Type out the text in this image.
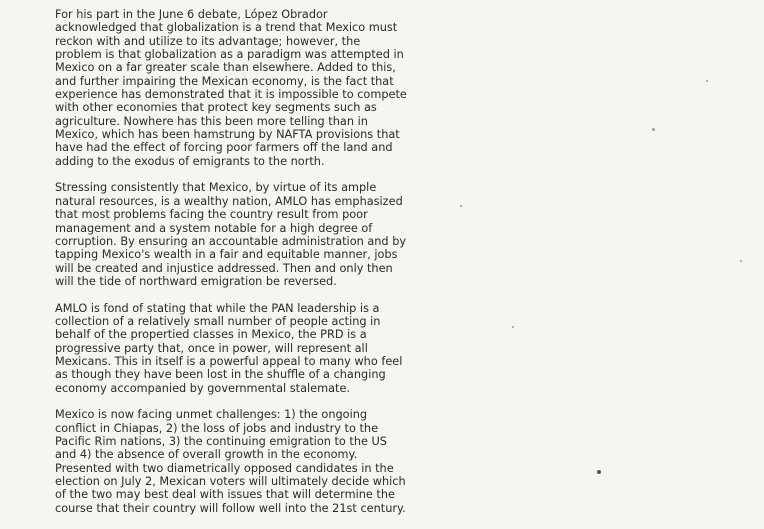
For his part in the June 6 debate, López Obrador
acknowledged that globalization is a trend that Mexico must
reckon with and utilize to its advantage; however, the
problem is that globalization as a paradigm was attempted in
Mexico on a far greater scale than elsewhere. Added to this,
and further impairing the Mexican economy, is the fact that
experience has demonstrated that it is impossible to compete
with other economies that protect key segments such as
agriculture. Nowhere has this been more telling than in
Mexico, which has been hamstrung by NAFTA provisions that
have had the effect of forcing poor farmers off the land and
adding to the exodus of emigrants to the north.

Stressing consistently that Mexico, by virtue of its ample
natural resources, is a wealthy nation, AMLO has emphasized
that most problems facing the country result from poor
management and a system notable for a high degree of
corruption. By ensuring an accountable administration and by
tapping Mexico's wealth in a fair and equitable manner, jobs
will be created and injustice addressed. Then and only then
will the tide of northward emigration be reversed.

AMLO is fond of stating that while the PAN leadership is a
collection of a relatively small number of people acting in
behalf of the propertied classes in Mexico, the PRD is a
progressive party that, once in power, will represent all
Mexicans. This in itself is a powerful appeal to many who feel
as though they have been lost in the shuffle of a changing
economy accompanied by governmental stalemate.

Mexico is now facing unmet challenges: 1) the ongoing
conflict in Chiapas, 2) the loss of jobs and industry to the
Pacific Rim nations, 3) the continuing emigration to the US
and 4) the absence of overall growth in the economy.
Presented with two diametrically opposed candidates in the
election on July 2, Mexican voters will ultimately decide which
of the two may best deal with issues that will determine the
course that their country will follow well into the 21st century.
